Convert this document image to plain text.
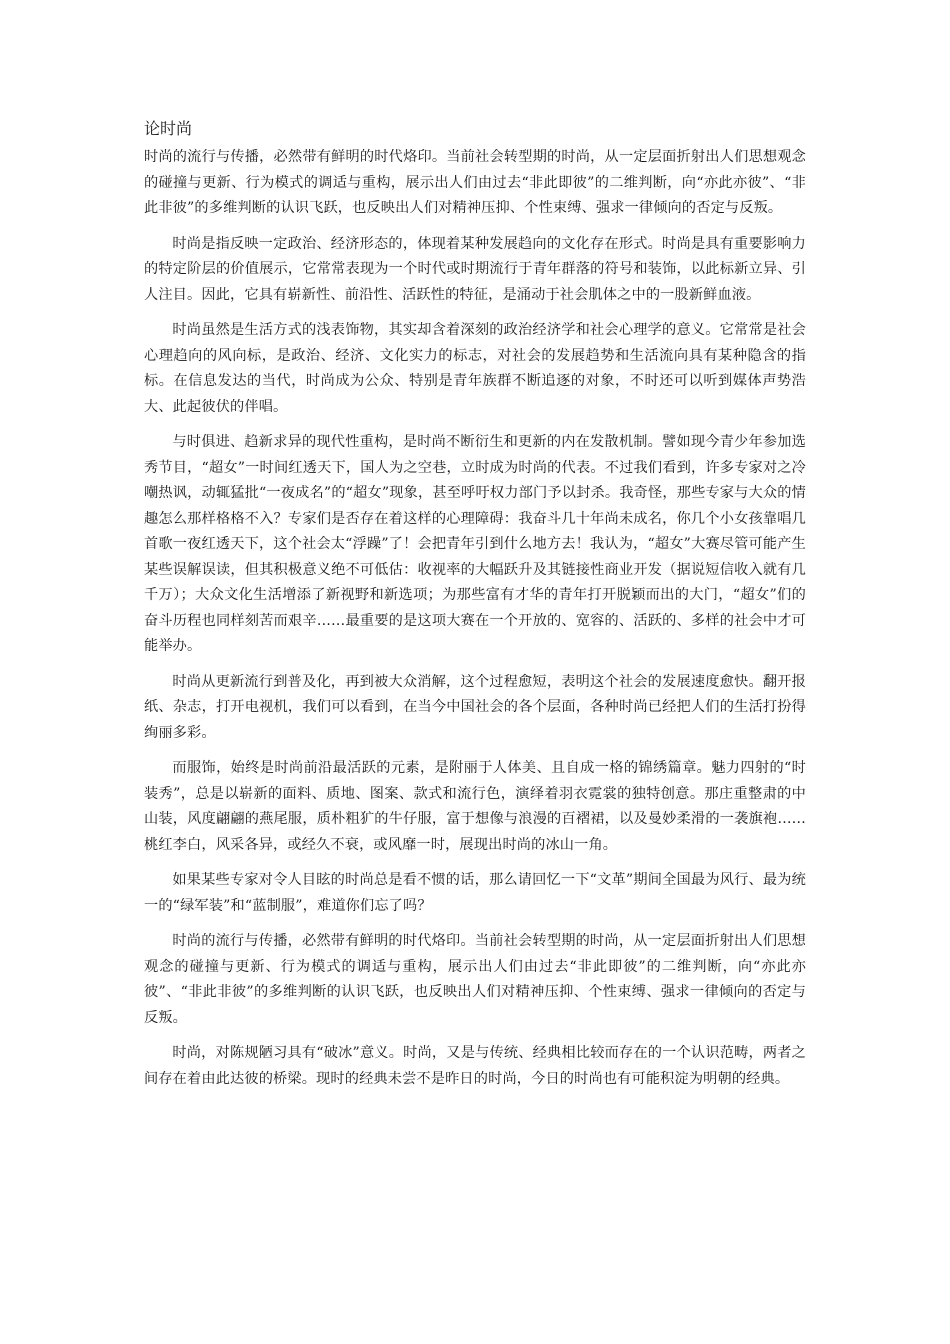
论时尚

时尚的流行与传播，必然带有鲜明的时代烙印。当前社会转型期的时尚，从一定层面折射出人们思想观念的碰撞与更新、行为模式的调适与重构，展示出人们由过去“非此即彼”的二维判断，向“亦此亦彼”、“非此非彼”的多维判断的认识飞跃，也反映出人们对精神压抑、个性束缚、强求一律倾向的否定与反叛。

时尚是指反映一定政治、经济形态的，体现着某种发展趋向的文化存在形式。时尚是具有重要影响力的特定阶层的价值展示，它常常表现为一个时代或时期流行于青年群落的符号和装饰，以此标新立异、引人注目。因此，它具有崭新性、前沿性、活跃性的特征，是涌动于社会肌体之中的一股新鲜血液。

时尚虽然是生活方式的浅表饰物，其实却含着深刻的政治经济学和社会心理学的意义。它常常是社会心理趋向的风向标，是政治、经济、文化实力的标志，对社会的发展趋势和生活流向具有某种隐含的指标。在信息发达的当代，时尚成为公众、特别是青年族群不断追逐的对象，不时还可以听到媒体声势浩大、此起彼伏的伴唱。

与时俱进、趋新求异的现代性重构，是时尚不断衍生和更新的内在发散机制。譬如现今青少年参加选秀节目，“超女”一时间红透天下，国人为之空巷，立时成为时尚的代表。不过我们看到，许多专家对之冷嘲热讽，动辄猛批“一夜成名”的“超女”现象，甚至呼吁权力部门予以封杀。我奇怪，那些专家与大众的情趣怎么那样格格不入？专家们是否存在着这样的心理障碍：我奋斗几十年尚未成名，你几个小女孩靠唱几首歌一夜红透天下，这个社会太“浮躁”了！会把青年引到什么地方去！我认为，“超女”大赛尽管可能产生某些误解误读，但其积极意义绝不可低估：收视率的大幅跃升及其链接性商业开发（据说短信收入就有几千万）；大众文化生活增添了新视野和新选项；为那些富有才华的青年打开脱颖而出的大门，“超女”们的奋斗历程也同样刻苦而艰辛……最重要的是这项大赛在一个开放的、宽容的、活跃的、多样的社会中才可能举办。

时尚从更新流行到普及化，再到被大众消解，这个过程愈短，表明这个社会的发展速度愈快。翻开报纸、杂志，打开电视机，我们可以看到，在当今中国社会的各个层面，各种时尚已经把人们的生活打扮得绚丽多彩。

而服饰，始终是时尚前沿最活跃的元素，是附丽于人体美、且自成一格的锦绣篇章。魅力四射的“时装秀”，总是以崭新的面料、质地、图案、款式和流行色，演绎着羽衣霓裳的独特创意。那庄重整肃的中山装，风度翩翩的燕尾服，质朴粗犷的牛仔服，富于想像与浪漫的百褶裙，以及曼妙柔滑的一袭旗袍……桃红李白，风采各异，或经久不衰，或风靡一时，展现出时尚的冰山一角。

如果某些专家对令人目眩的时尚总是看不惯的话，那么请回忆一下“文革”期间全国最为风行、最为统一的“绿军装”和“蓝制服”，难道你们忘了吗？

时尚的流行与传播，必然带有鲜明的时代烙印。当前社会转型期的时尚，从一定层面折射出人们思想观念的碰撞与更新、行为模式的调适与重构，展示出人们由过去“非此即彼”的二维判断，向“亦此亦彼”、“非此非彼”的多维判断的认识飞跃，也反映出人们对精神压抑、个性束缚、强求一律倾向的否定与反叛。

时尚，对陈规陋习具有“破冰”意义。时尚，又是与传统、经典相比较而存在的一个认识范畴，两者之间存在着由此达彼的桥梁。现时的经典未尝不是昨日的时尚，今日的时尚也有可能积淀为明朝的经典。
